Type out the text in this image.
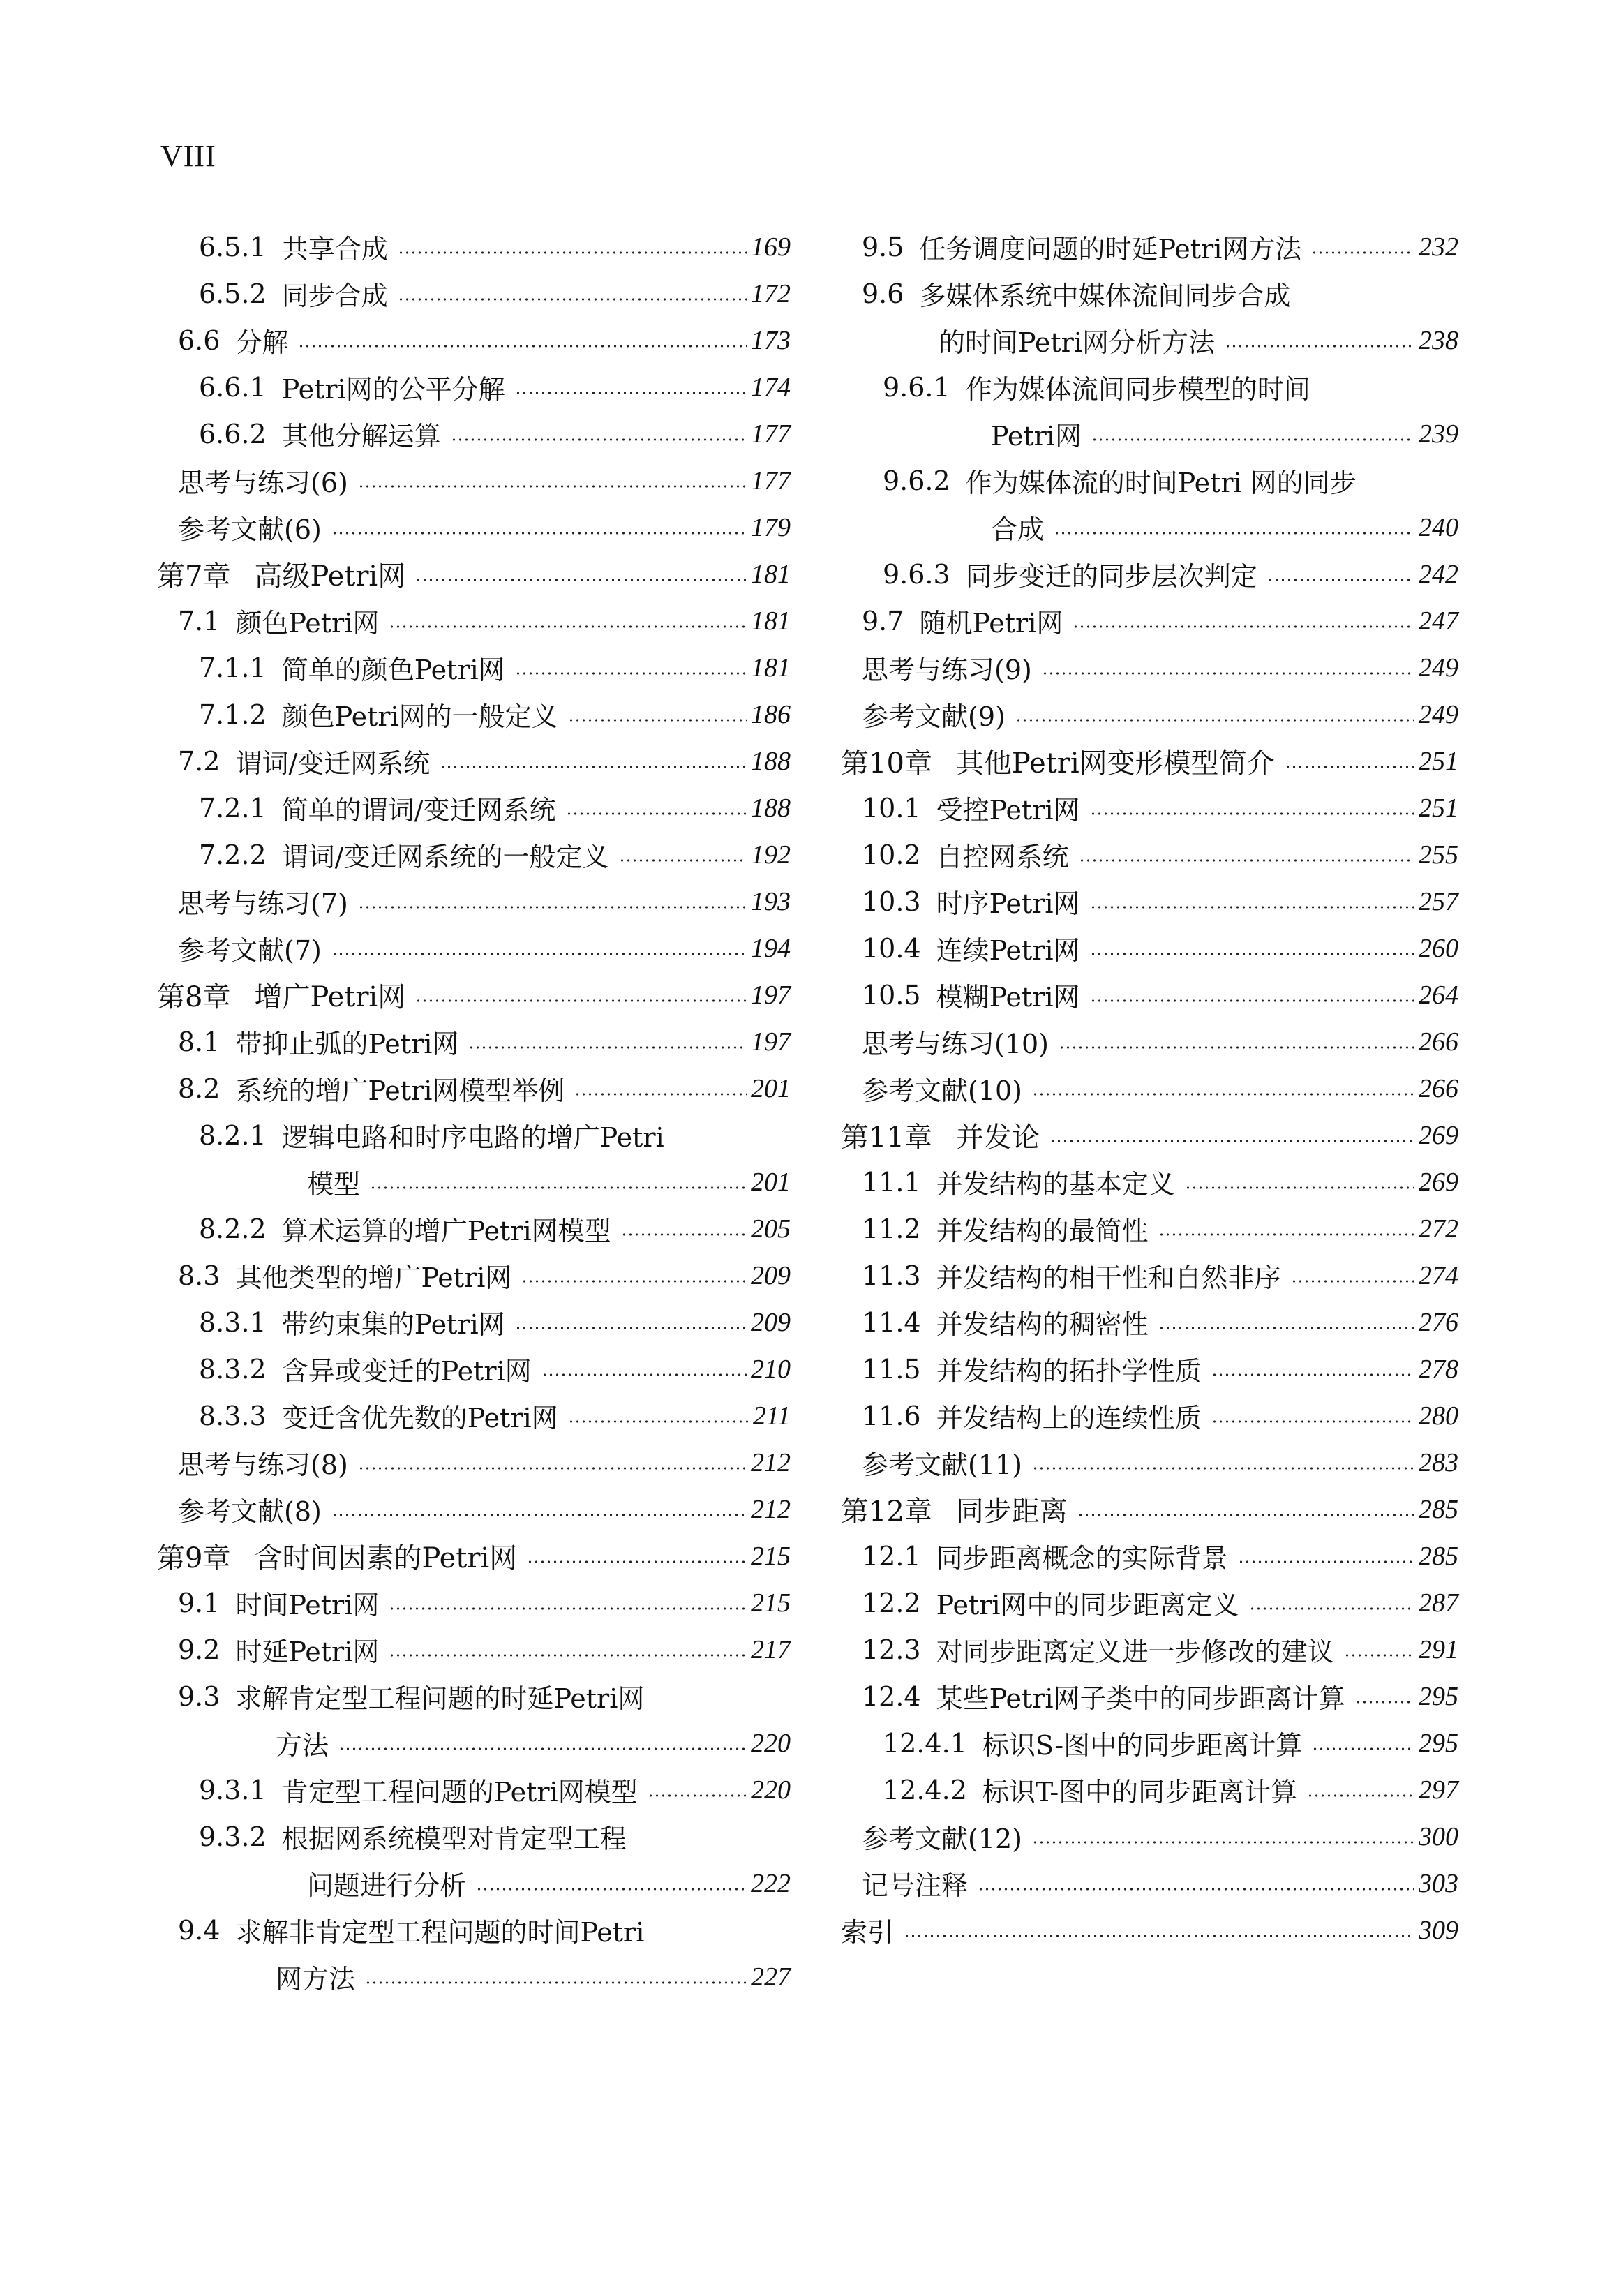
VIII
6.5.1 共享合成	169
6.5.2 同步合成	172
6.6 分解	173
6.6.1 Petri网的公平分解	174
6.6.2 其他分解运算	177
思考与练习(6)	177
参考文献(6)	179
第7章 高级Petri网	181
7.1 颜色Petri网	181
7.1.1 简单的颜色Petri网	181
7.1.2 颜色Petri网的一般定义	186
7.2 谓词/变迁网系统	188
7.2.1 简单的谓词/变迁网系统	188
7.2.2 谓词/变迁网系统的一般定义	192
思考与练习(7)	193
参考文献(7)	194
第8章 增广Petri网	197
8.1 带抑止弧的Petri网	197
8.2 系统的增广Petri网模型举例	201
8.2.1 逻辑电路和时序电路的增广Petri
模型	201
8.2.2 算术运算的增广Petri网模型	205
8.3 其他类型的增广Petri网	209
8.3.1 带约束集的Petri网	209
8.3.2 含异或变迁的Petri网	210
8.3.3 变迁含优先数的Petri网	211
思考与练习(8)	212
参考文献(8)	212
第9章 含时间因素的Petri网	215
9.1 时间Petri网	215
9.2 时延Petri网	217
9.3 求解肯定型工程问题的时延Petri网
方法	220
9.3.1 肯定型工程问题的Petri网模型	220
9.3.2 根据网系统模型对肯定型工程
问题进行分析	222
9.4 求解非肯定型工程问题的时间Petri
网方法	227
9.5 任务调度问题的时延Petri网方法	232
9.6 多媒体系统中媒体流间同步合成
的时间Petri网分析方法	238
9.6.1 作为媒体流间同步模型的时间
Petri网	239
9.6.2 作为媒体流的时间Petri 网的同步
合成	240
9.6.3 同步变迁的同步层次判定	242
9.7 随机Petri网	247
思考与练习(9)	249
参考文献(9)	249
第10章 其他Petri网变形模型简介	251
10.1 受控Petri网	251
10.2 自控网系统	255
10.3 时序Petri网	257
10.4 连续Petri网	260
10.5 模糊Petri网	264
思考与练习(10)	266
参考文献(10)	266
第11章 并发论	269
11.1 并发结构的基本定义	269
11.2 并发结构的最简性	272
11.3 并发结构的相干性和自然非序	274
11.4 并发结构的稠密性	276
11.5 并发结构的拓扑学性质	278
11.6 并发结构上的连续性质	280
参考文献(11)	283
第12章 同步距离	285
12.1 同步距离概念的实际背景	285
12.2 Petri网中的同步距离定义	287
12.3 对同步距离定义进一步修改的建议	291
12.4 某些Petri网子类中的同步距离计算	295
12.4.1 标识S-图中的同步距离计算	295
12.4.2 标识T-图中的同步距离计算	297
参考文献(12)	300
记号注释	303
索引	309
